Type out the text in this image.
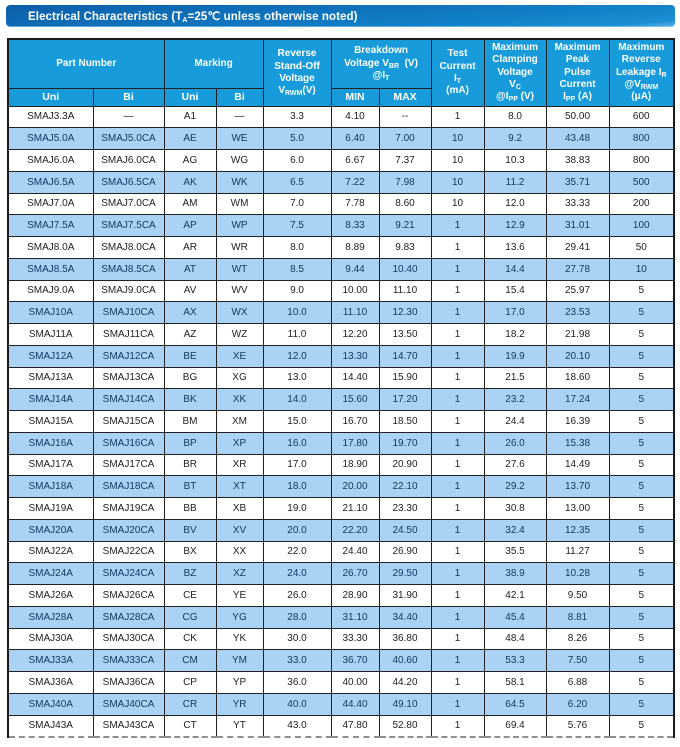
Electrical Characteristics ($T_A=25℃$ unless otherwise noted)
Part Number		Marking		Reverse
Stand-Off
Voltage
$V_{RWM}(V)$	Breakdown
Voltage $V_{BR}$  (V)
$@I_T$		Test
Current
$I_T$
(mA)	Maximum
Clamping
Voltage
$V_C$
$@I_{PP}$ (V)	Maximum
Peak
Pulse
Current
$I_{PP}$ (A)	Maximum
Reverse
Leakage $I_R$
$@V_{RWM}$
(μA)
Uni	Bi	Uni	Bi		MIN	MAX				
SMAJ3.3A	—	A1	—	3.3	4.10	--	1	8.0	50.00	600
SMAJ5.0A	SMAJ5.0CA	AE	WE	5.0	6.40	7.00	10	9.2	43.48	800
SMAJ6.0A	SMAJ6.0CA	AG	WG	6.0	6.67	7.37	10	10.3	38.83	800
SMAJ6.5A	SMAJ6.5CA	AK	WK	6.5	7.22	7.98	10	11.2	35.71	500
SMAJ7.0A	SMAJ7.0CA	AM	WM	7.0	7.78	8.60	10	12.0	33.33	200
SMAJ7.5A	SMAJ7.5CA	AP	WP	7.5	8.33	9.21	1	12.9	31.01	100
SMAJ8.0A	SMAJ8.0CA	AR	WR	8.0	8.89	9.83	1	13.6	29.41	50
SMAJ8.5A	SMAJ8.5CA	AT	WT	8.5	9.44	10.40	1	14.4	27.78	10
SMAJ9.0A	SMAJ9.0CA	AV	WV	9.0	10.00	11.10	1	15.4	25.97	5
SMAJ10A	SMAJ10CA	AX	WX	10.0	11.10	12.30	1	17.0	23.53	5
SMAJ11A	SMAJ11CA	AZ	WZ	11.0	12.20	13.50	1	18.2	21.98	5
SMAJ12A	SMAJ12CA	BE	XE	12.0	13.30	14.70	1	19.9	20.10	5
SMAJ13A	SMAJ13CA	BG	XG	13.0	14.40	15.90	1	21.5	18.60	5
SMAJ14A	SMAJ14CA	BK	XK	14.0	15.60	17.20	1	23.2	17.24	5
SMAJ15A	SMAJ15CA	BM	XM	15.0	16.70	18.50	1	24.4	16.39	5
SMAJ16A	SMAJ16CA	BP	XP	16.0	17.80	19.70	1	26.0	15.38	5
SMAJ17A	SMAJ17CA	BR	XR	17.0	18.90	20.90	1	27.6	14.49	5
SMAJ18A	SMAJ18CA	BT	XT	18.0	20.00	22.10	1	29.2	13.70	5
SMAJ19A	SMAJ19CA	BB	XB	19.0	21.10	23.30	1	30.8	13.00	5
SMAJ20A	SMAJ20CA	BV	XV	20.0	22.20	24.50	1	32.4	12.35	5
SMAJ22A	SMAJ22CA	BX	XX	22.0	24.40	26.90	1	35.5	11.27	5
SMAJ24A	SMAJ24CA	BZ	XZ	24.0	26.70	29.50	1	38.9	10.28	5
SMAJ26A	SMAJ26CA	CE	YE	26.0	28.90	31.90	1	42.1	9.50	5
SMAJ28A	SMAJ28CA	CG	YG	28.0	31.10	34.40	1	45.4	8.81	5
SMAJ30A	SMAJ30CA	CK	YK	30.0	33.30	36.80	1	48.4	8.26	5
SMAJ33A	SMAJ33CA	CM	YM	33.0	36.70	40.60	1	53.3	7.50	5
SMAJ36A	SMAJ36CA	CP	YP	36.0	40.00	44.20	1	58.1	6.88	5
SMAJ40A	SMAJ40CA	CR	YR	40.0	44.40	49.10	1	64.5	6.20	5
SMAJ43A	SMAJ43CA	CT	YT	43.0	47.80	52.80	1	69.4	5.76	5
